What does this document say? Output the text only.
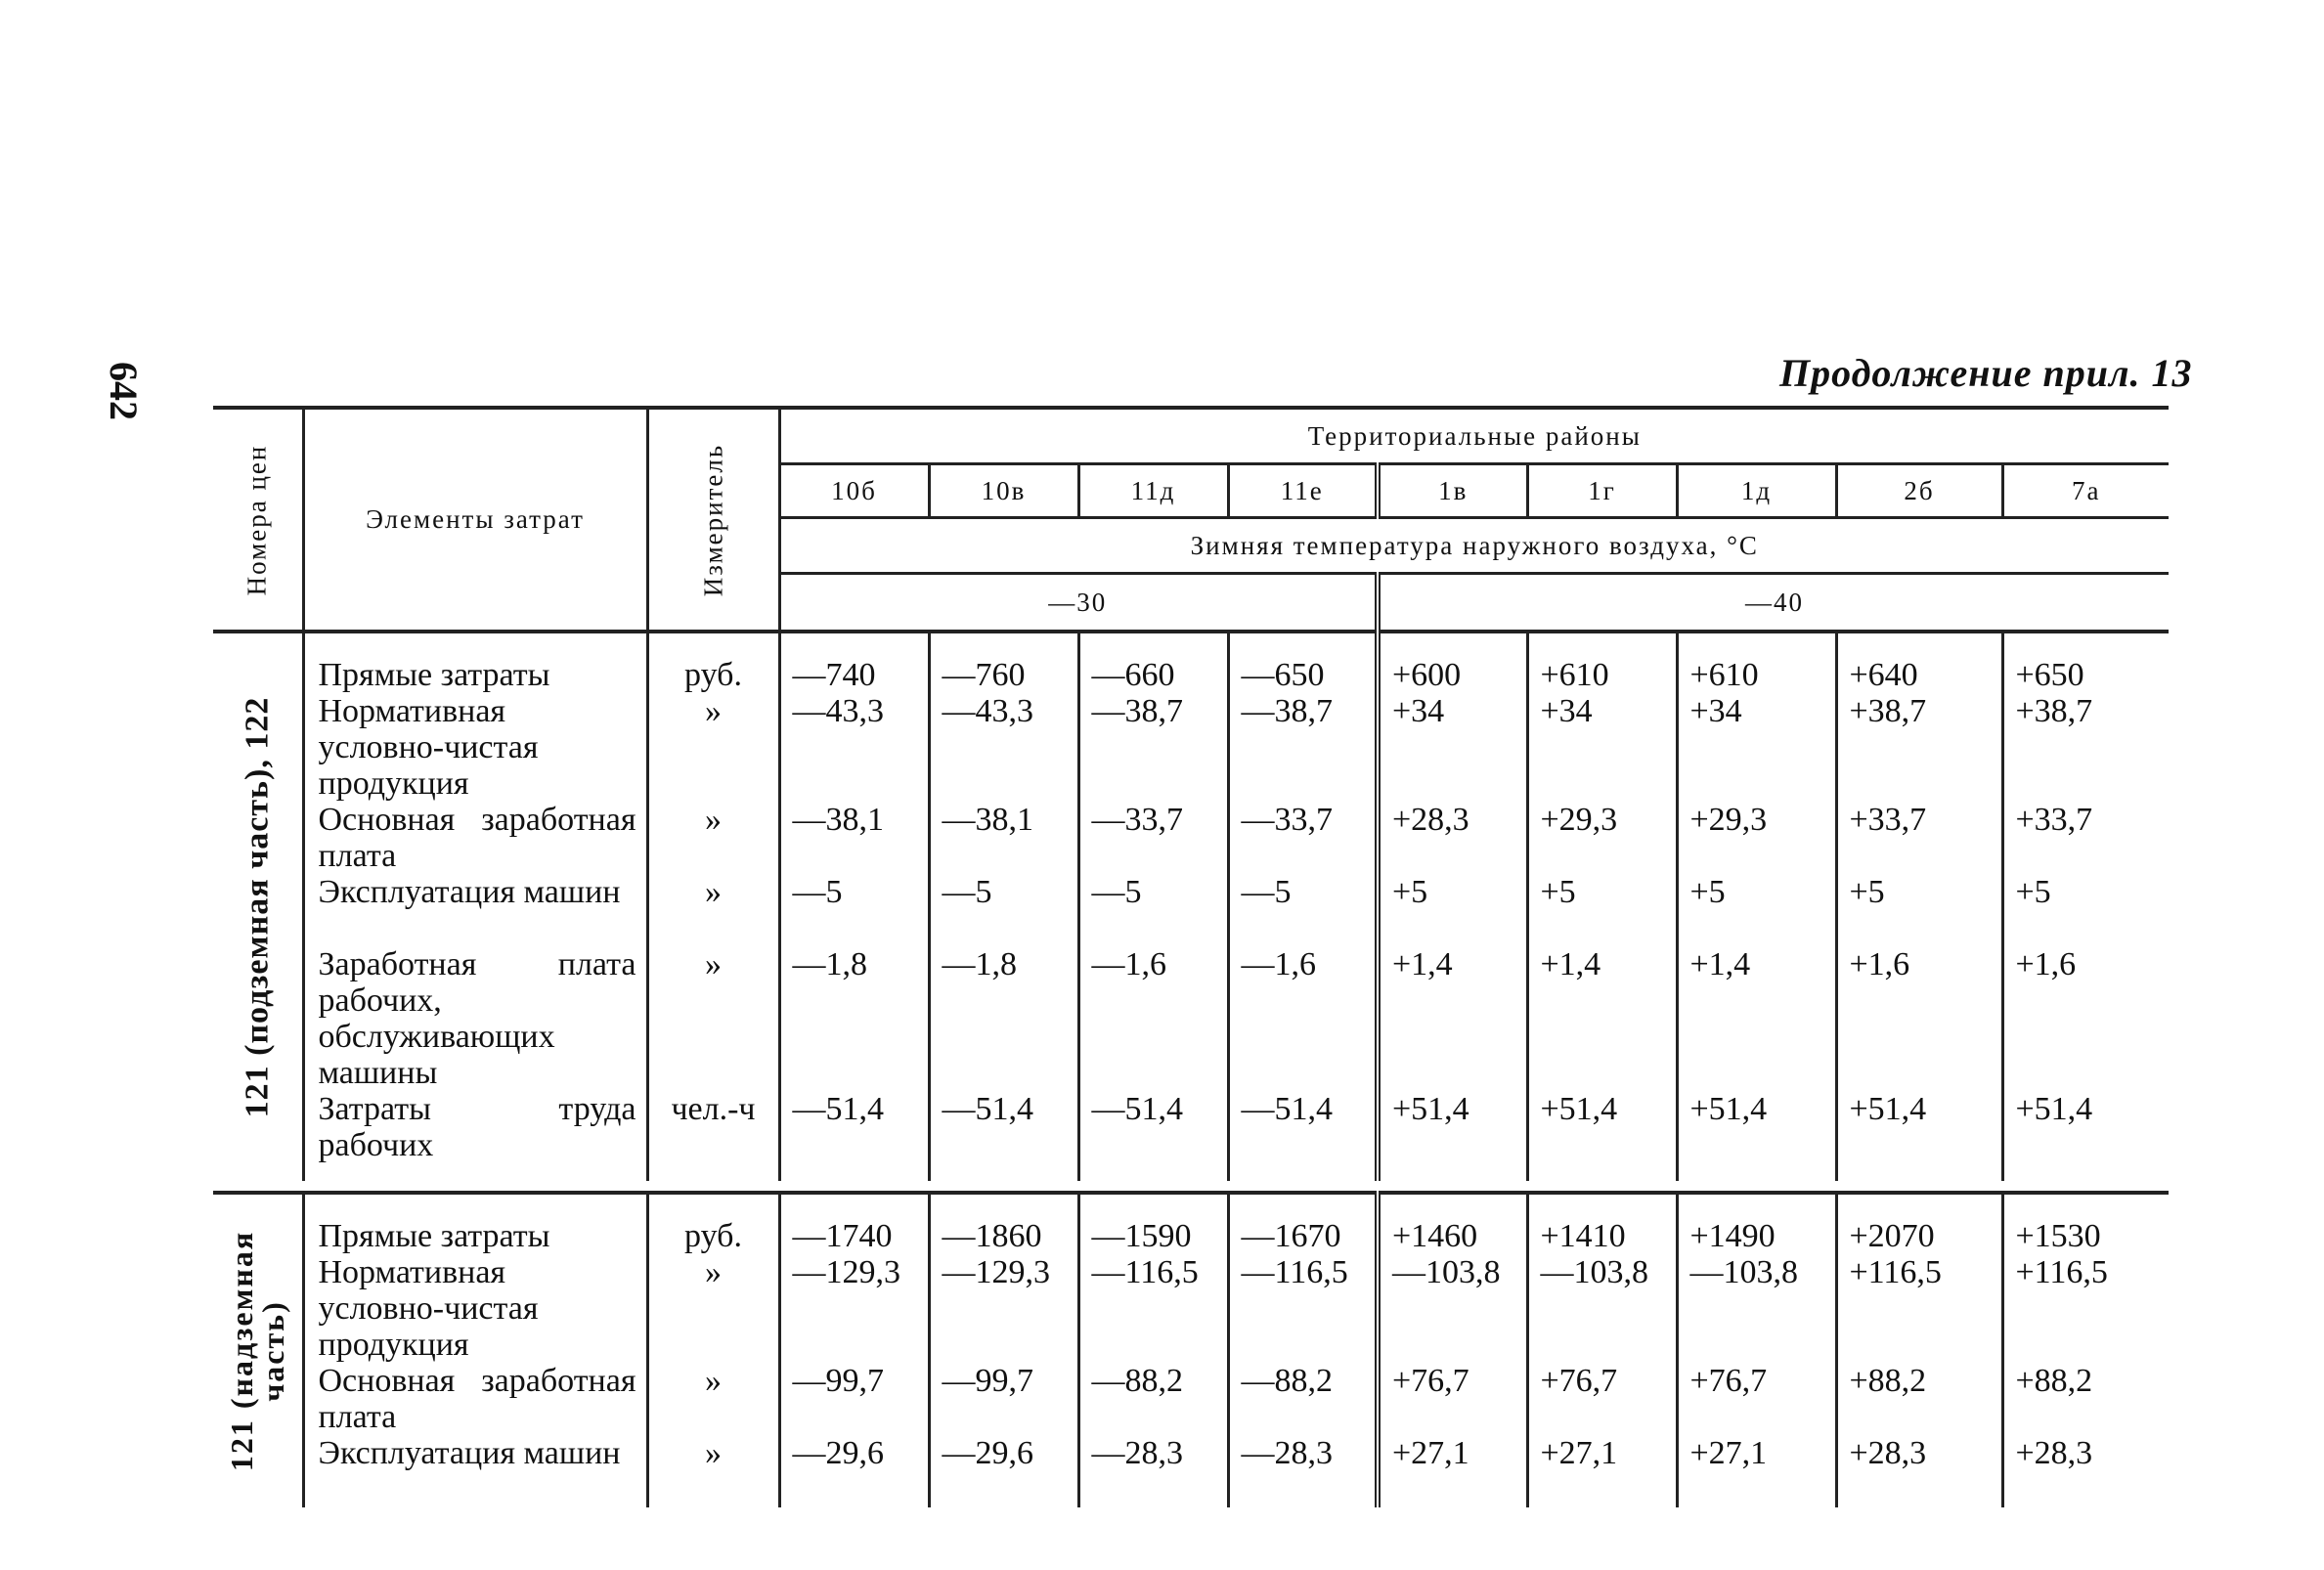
642	Продолжение прил. 13
Номера цен	Элементы затрат	Измеритель	Территориальные районы								
			10б	10в	11д	11е	1в	1г	1д	2б	7а
			Зимняя температура наружного воздуха, °С								
			—30				—40				

121 (подземная часть), 122	Прямые затраты	руб.	—740	—760	—660	—650	+600	+610	+610	+640	+650
	Нормативная условно-чистая продукция	»	—43,3	—43,3	—38,7	—38,7	+34	+34	+34	+38,7	+38,7
	Основная заработная плата	»	—38,1	—38,1	—33,7	—33,7	+28,3	+29,3	+29,3	+33,7	+33,7
	Эксплуатация машин	»	—5	—5	—5	—5	+5	+5	+5	+5	+5
	Заработная плата рабочих, обслуживающих машины	»	—1,8	—1,8	—1,6	—1,6	+1,4	+1,4	+1,4	+1,6	+1,6
	Затраты труда рабочих	чел.-ч	—51,4	—51,4	—51,4	—51,4	+51,4	+51,4	+51,4	+51,4	+51,4

121 (надземная часть)	Прямые затраты	руб.	—1740	—1860	—1590	—1670	+1460	+1410	+1490	+2070	+1530
	Нормативная условно-чистая продукция	»	—129,3	—129,3	—116,5	—116,5	—103,8	—103,8	—103,8	+116,5	+116,5
	Основная заработная плата	»	—99,7	—99,7	—88,2	—88,2	+76,7	+76,7	+76,7	+88,2	+88,2
	Эксплуатация машин	»	—29,6	—29,6	—28,3	—28,3	+27,1	+27,1	+27,1	+28,3	+28,3
